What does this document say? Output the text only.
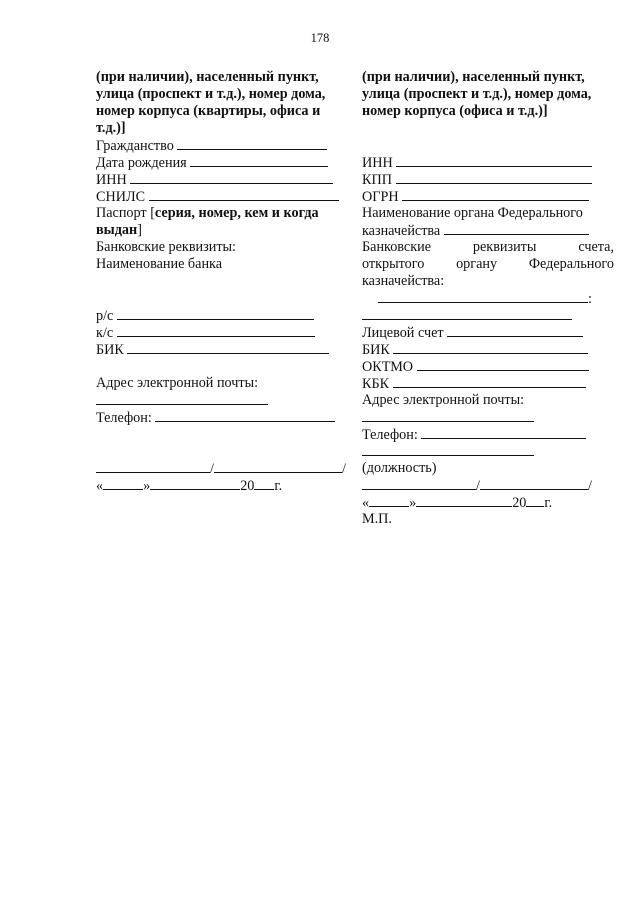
178
(при наличии), населенный пункт,
улица (проспект и т.д.), номер дома,
номер корпуса (квартиры, офиса и
т.д.)]
Гражданство
Дата рождения
ИНН
СНИЛС
Паспорт [серия, номер, кем и когда
выдан]
Банковские реквизиты:
Наименование банка
р/с
к/с
БИК
Адрес электронной почты:
Телефон:
/	/
«	»	20 г.
(при наличии), населенный пункт,
улица (проспект и т.д.), номер дома,
номер корпуса (офиса и т.д.)]
ИНН
КПП
ОГРН
Наименование органа Федерального
казначейства
Банковские	реквизиты	счета,
открытого органу Федерального
казначейства:
:
Лицевой счет
БИК
ОКТМО
КБК
Адрес электронной почты:
Телефон:
(должность)
/	/
«	»	20 г.
М.П.
